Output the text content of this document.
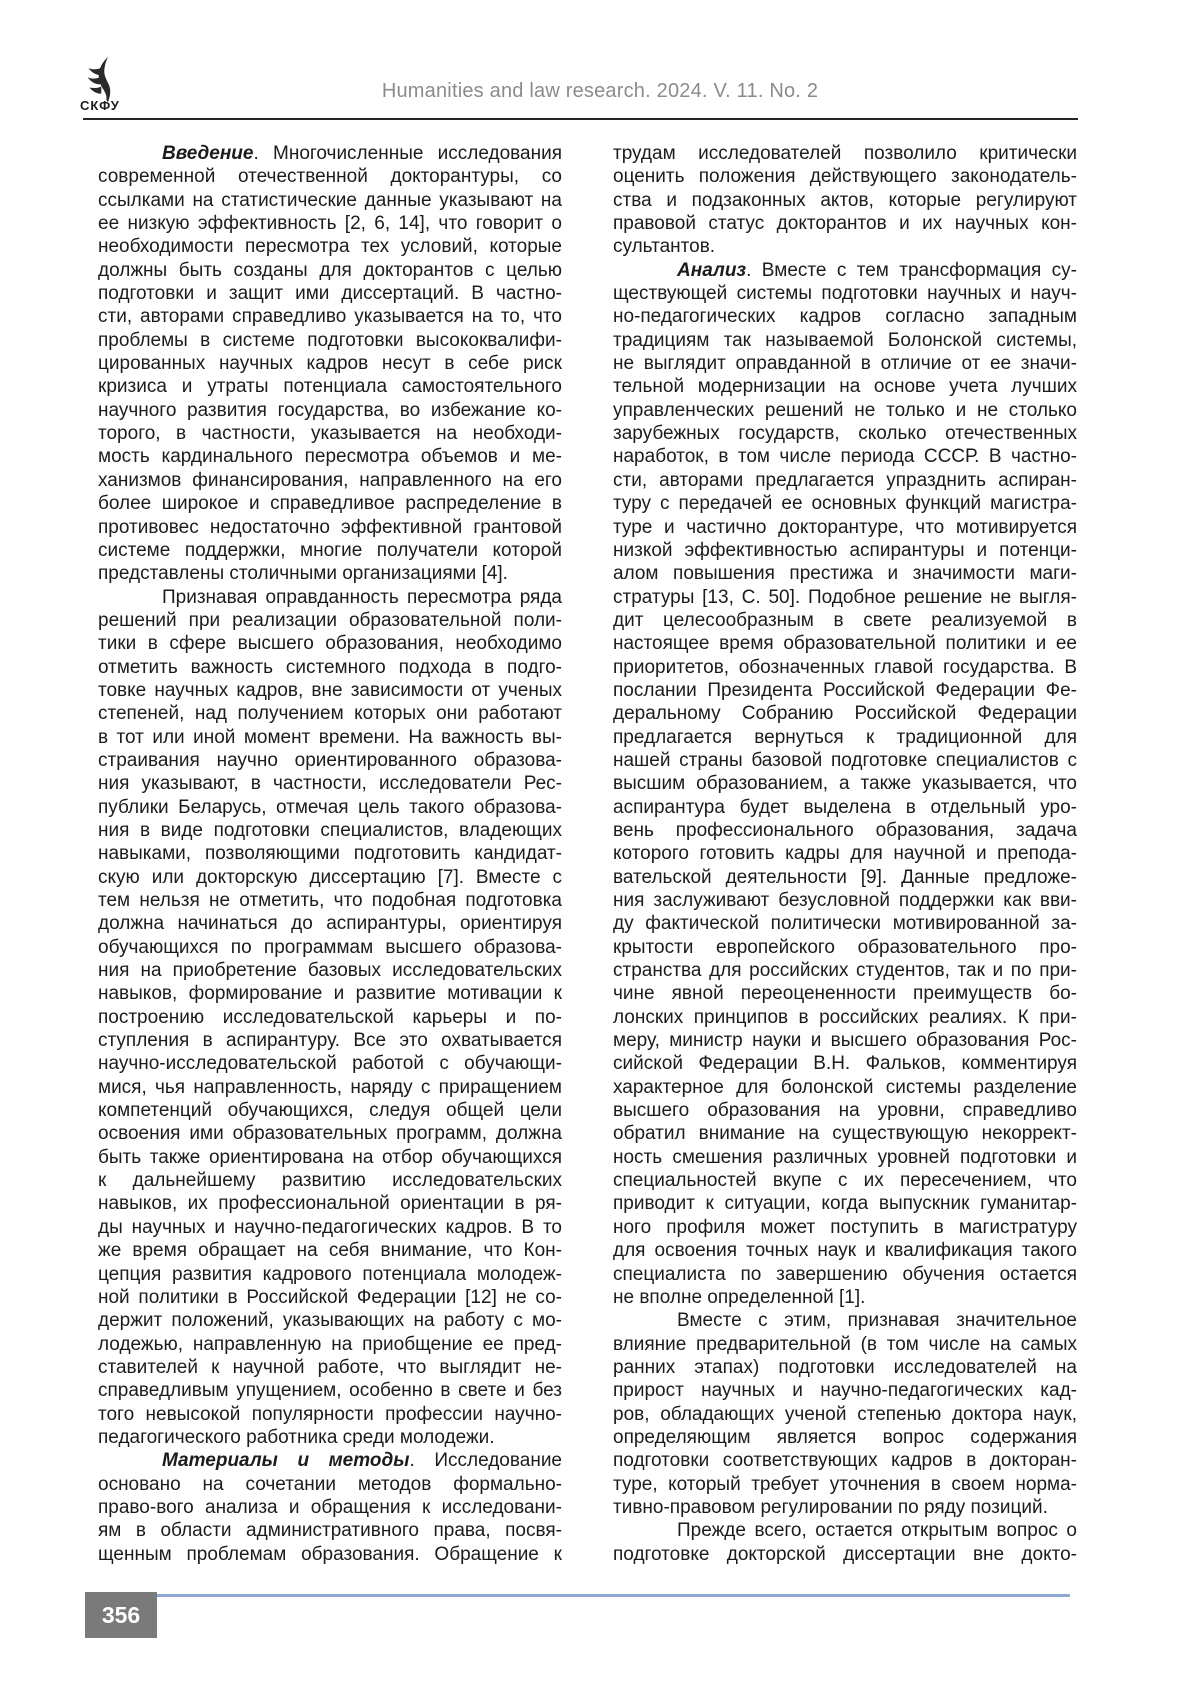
СКФУ
Humanities and law research. 2024. V. 11. No. 2
Введение. Многочисленные исследования
современной отечественной докторантуры, со
ссылками на статистические данные указывают на
ее низкую эффективность [2, 6, 14], что говорит о
необходимости пересмотра тех условий, которые
должны быть созданы для докторантов с целью
подготовки и защит ими диссертаций. В частно-
сти, авторами справедливо указывается на то, что
проблемы в системе подготовки высококвалифи-
цированных научных кадров несут в себе риск
кризиса и утраты потенциала самостоятельного
научного развития государства, во избежание ко-
торого, в частности, указывается на необходи-
мость кардинального пересмотра объемов и ме-
ханизмов финансирования, направленного на его
более широкое и справедливое распределение в
противовес недостаточно эффективной грантовой
системе поддержки, многие получатели которой
представлены столичными организациями [4].
Признавая оправданность пересмотра ряда
решений при реализации образовательной поли-
тики в сфере высшего образования, необходимо
отметить важность системного подхода в подго-
товке научных кадров, вне зависимости от ученых
степеней, над получением которых они работают
в тот или иной момент времени. На важность вы-
страивания научно ориентированного образова-
ния указывают, в частности, исследователи Рес-
публики Беларусь, отмечая цель такого образова-
ния в виде подготовки специалистов, владеющих
навыками, позволяющими подготовить кандидат-
скую или докторскую диссертацию [7]. Вместе с
тем нельзя не отметить, что подобная подготовка
должна начинаться до аспирантуры, ориентируя
обучающихся по программам высшего образова-
ния на приобретение базовых исследовательских
навыков, формирование и развитие мотивации к
построению исследовательской карьеры и по-
ступления в аспирантуру. Все это охватывается
научно-исследовательской работой с обучающи-
мися, чья направленность, наряду с приращением
компетенций обучающихся, следуя общей цели
освоения ими образовательных программ, должна
быть также ориентирована на отбор обучающихся
к дальнейшему развитию исследовательских
навыков, их профессиональной ориентации в ря-
ды научных и научно-педагогических кадров. В то
же время обращает на себя внимание, что Кон-
цепция развития кадрового потенциала молодеж-
ной политики в Российской Федерации [12] не со-
держит положений, указывающих на работу с мо-
лодежью, направленную на приобщение ее пред-
ставителей к научной работе, что выглядит не-
справедливым упущением, особенно в свете и без
того невысокой популярности профессии научно-
педагогического работника среди молодежи.
Материалы и методы. Исследование
основано на сочетании методов формально-
право-вого анализа и обращения к исследовани-
ям в области административного права, посвя-
щенным проблемам образования. Обращение к
трудам исследователей позволило критически
оценить положения действующего законодатель-
ства и подзаконных актов, которые регулируют
правовой статус докторантов и их научных кон-
сультантов.
Анализ. Вместе с тем трансформация су-
ществующей системы подготовки научных и науч-
но-педагогических кадров согласно западным
традициям так называемой Болонской системы,
не выглядит оправданной в отличие от ее значи-
тельной модернизации на основе учета лучших
управленческих решений не только и не столько
зарубежных государств, сколько отечественных
наработок, в том числе периода СССР. В частно-
сти, авторами предлагается упразднить аспиран-
туру с передачей ее основных функций магистра-
туре и частично докторантуре, что мотивируется
низкой эффективностью аспирантуры и потенци-
алом повышения престижа и значимости маги-
стратуры [13, С. 50]. Подобное решение не выгля-
дит целесообразным в свете реализуемой в
настоящее время образовательной политики и ее
приоритетов, обозначенных главой государства. В
послании Президента Российской Федерации Фе-
деральному Собранию Российской Федерации
предлагается вернуться к традиционной для
нашей страны базовой подготовке специалистов с
высшим образованием, а также указывается, что
аспирантура будет выделена в отдельный уро-
вень профессионального образования, задача
которого готовить кадры для научной и препода-
вательской деятельности [9]. Данные предложе-
ния заслуживают безусловной поддержки как вви-
ду фактической политически мотивированной за-
крытости европейского образовательного про-
странства для российских студентов, так и по при-
чине явной переоцененности преимуществ бо-
лонских принципов в российских реалиях. К при-
меру, министр науки и высшего образования Рос-
сийской Федерации В.Н. Фальков, комментируя
характерное для болонской системы разделение
высшего образования на уровни, справедливо
обратил внимание на существующую некоррект-
ность смешения различных уровней подготовки и
специальностей вкупе с их пересечением, что
приводит к ситуации, когда выпускник гуманитар-
ного профиля может поступить в магистратуру
для освоения точных наук и квалификация такого
специалиста по завершению обучения остается
не вполне определенной [1].
Вместе с этим, признавая значительное
влияние предварительной (в том числе на самых
ранних этапах) подготовки исследователей на
прирост научных и научно-педагогических кад-
ров, обладающих ученой степенью доктора наук,
определяющим является вопрос содержания
подготовки соответствующих кадров в докторан-
туре, который требует уточнения в своем норма-
тивно-правовом регулировании по ряду позиций.
Прежде всего, остается открытым вопрос о
подготовке докторской диссертации вне докто-
356
